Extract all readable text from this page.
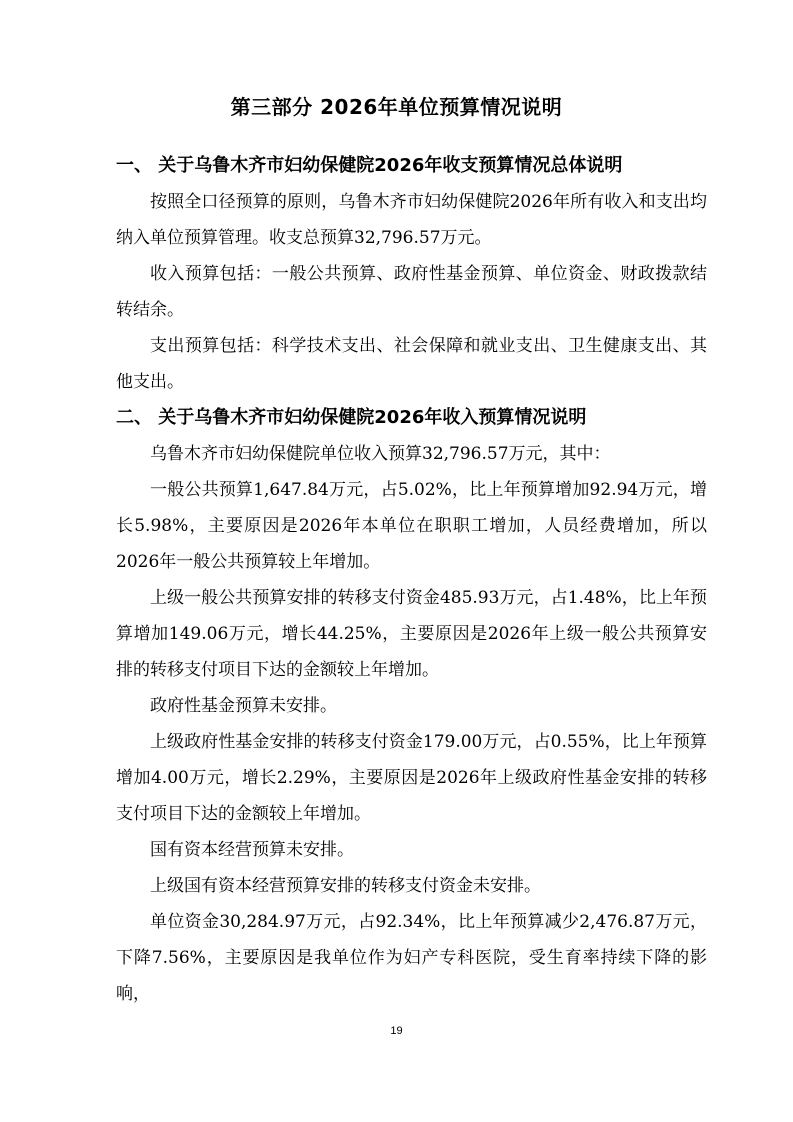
第三部分 2026年单位预算情况说明
一、 关于乌鲁木齐市妇幼保健院2026年收支预算情况总体说明

按照全口径预算的原则，乌鲁木齐市妇幼保健院2026年所有收入和支出均纳入单位预算管理。收支总预算32,796.57万元。

收入预算包括：一般公共预算、政府性基金预算、单位资金、财政拨款结转结余。

支出预算包括：科学技术支出、社会保障和就业支出、卫生健康支出、其他支出。

二、 关于乌鲁木齐市妇幼保健院2026年收入预算情况说明

乌鲁木齐市妇幼保健院单位收入预算32,796.57万元，其中：

一般公共预算1,647.84万元，占5.02%，比上年预算增加92.94万元，增长5.98%，主要原因是2026年本单位在职职工增加，人员经费增加，所以2026年一般公共预算较上年增加。

上级一般公共预算安排的转移支付资金485.93万元，占1.48%，比上年预算增加149.06万元，增长44.25%，主要原因是2026年上级一般公共预算安排的转移支付项目下达的金额较上年增加。

政府性基金预算未安排。

上级政府性基金安排的转移支付资金179.00万元，占0.55%，比上年预算增加4.00万元，增长2.29%，主要原因是2026年上级政府性基金安排的转移支付项目下达的金额较上年增加。

国有资本经营预算未安排。

上级国有资本经营预算安排的转移支付资金未安排。

单位资金30,284.97万元，占92.34%，比上年预算减少2,476.87万元，下降7.56%，主要原因是我单位作为妇产专科医院，受生育率持续下降的影响，

19
